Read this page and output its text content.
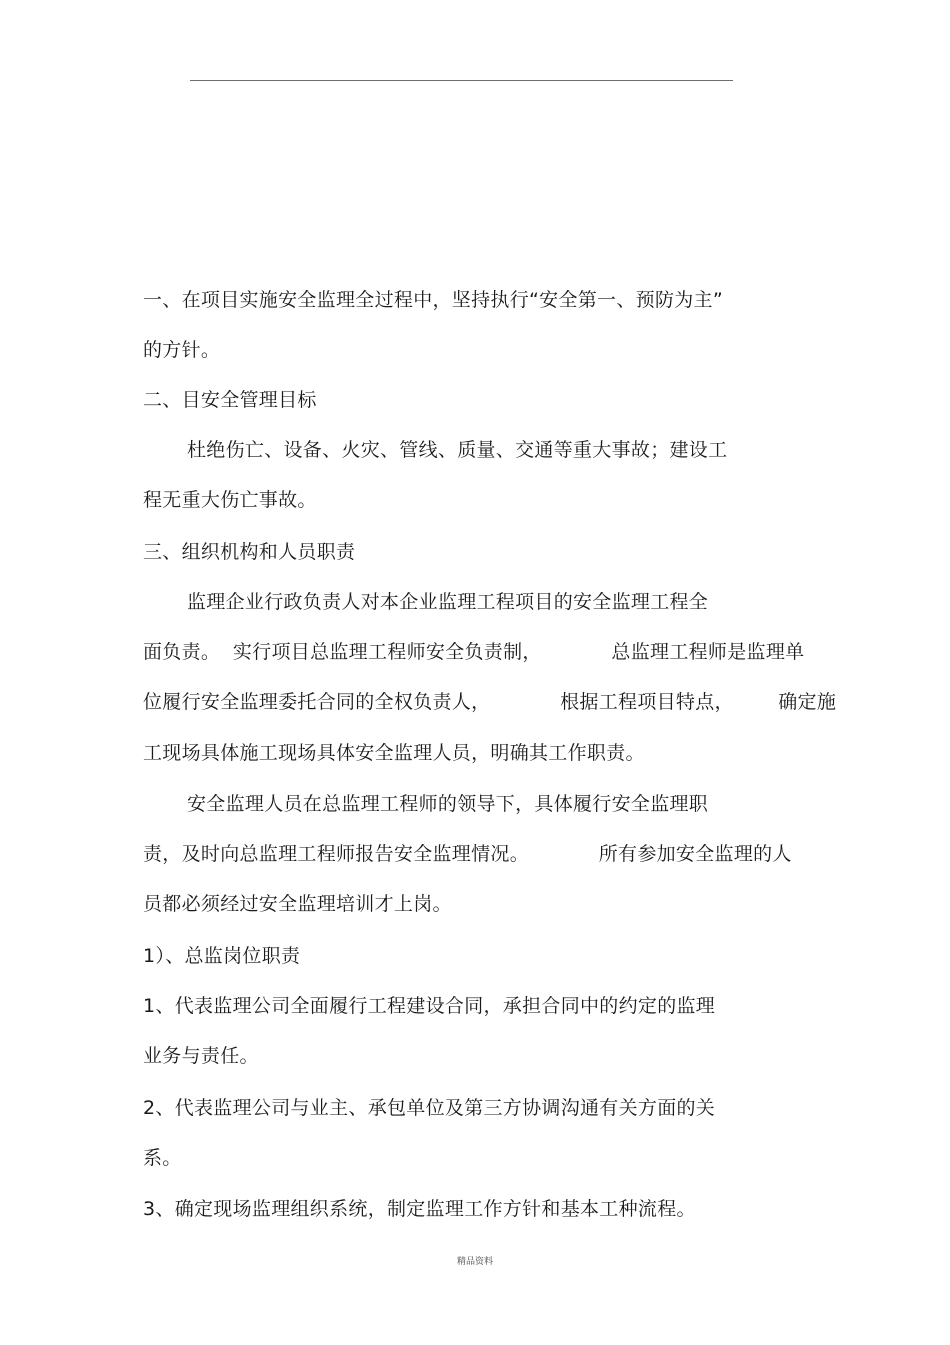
一、在项目实施安全监理全过程中，坚持执行“安全第一、预防为主”
的方针。
二、目安全管理目标
杜绝伤亡、设备、火灾、管线、质量、交通等重大事故；建设工
程无重大伤亡事故。
三、组织机构和人员职责
监理企业行政负责人对本企业监理工程项目的安全监理工程全
面负责。  实行项目总监理工程师安全负责制，           总监理工程师是监理单
位履行安全监理委托合同的全权负责人，           根据工程项目特点，       确定施
工现场具体施工现场具体安全监理人员，明确其工作职责。
安全监理人员在总监理工程师的领导下，具体履行安全监理职
责，及时向总监理工程师报告安全监理情况。           所有参加安全监理的人
员都必须经过安全监理培训才上岗。
1）、总监岗位职责
1、代表监理公司全面履行工程建设合同，承担合同中的约定的监理
业务与责任。
2、代表监理公司与业主、承包单位及第三方协调沟通有关方面的关
系。
3、确定现场监理组织系统，制定监理工作方针和基本工种流程。
精品资料
